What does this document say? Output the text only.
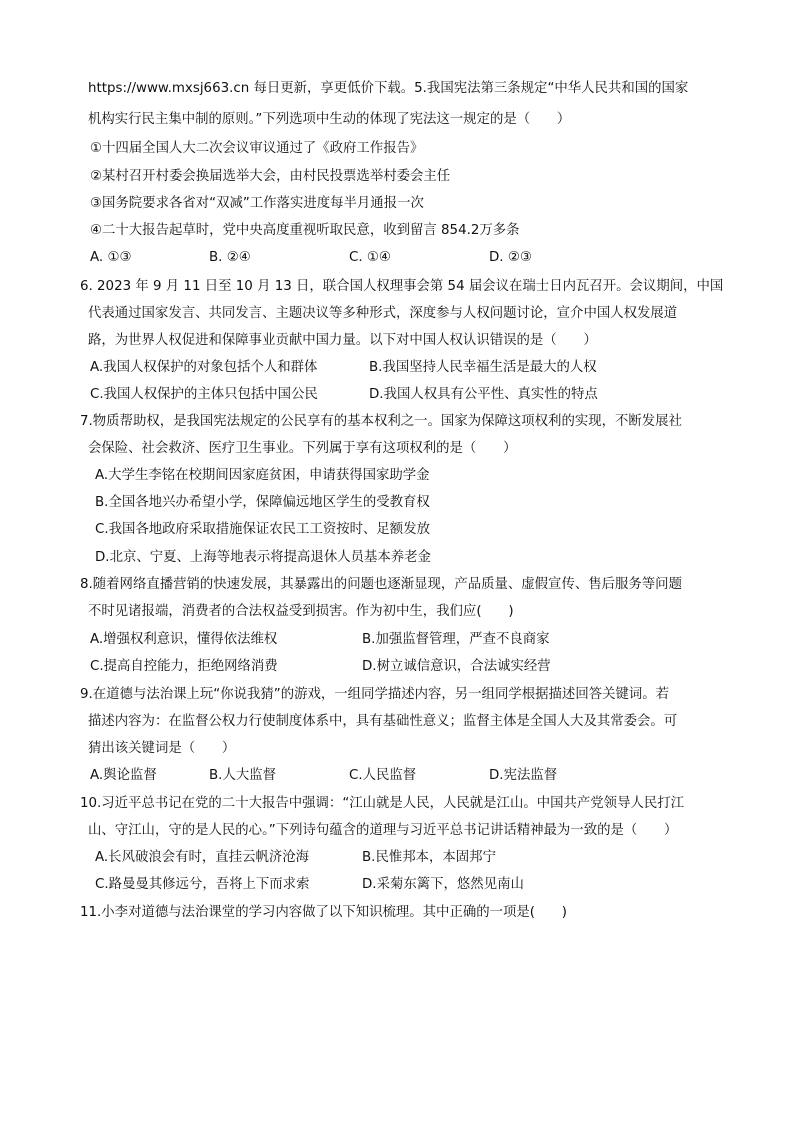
https://www.mxsj663.cn 每日更新，享更低价下载。5.我国宪法第三条规定“中华人民共和国的国家
机构实行民主集中制的原则。”下列选项中生动的体现了宪法这一规定的是（　　）
①十四届全国人大二次会议审议通过了《政府工作报告》
②某村召开村委会换届选举大会，由村民投票选举村委会主任
③国务院要求各省对“双减”工作落实进度每半月通报一次
④二十大报告起草时，党中央高度重视听取民意，收到留言 854.2万多条
A. ①③	B. ②④	C. ①④	D. ②③
6. 2023 年 9 月 11 日至 10 月 13 日，联合国人权理事会第 54 届会议在瑞士日内瓦召开。会议期间，中国
代表通过国家发言、共同发言、主题决议等多种形式，深度参与人权问题讨论，宣介中国人权发展道
路，为世界人权促进和保障事业贡献中国力量。以下对中国人权认识错误的是（　　）
A.我国人权保护的对象包括个人和群体	B.我国坚持人民幸福生活是最大的人权
C.我国人权保护的主体只包括中国公民	D.我国人权具有公平性、真实性的特点
7.物质帮助权，是我国宪法规定的公民享有的基本权利之一。国家为保障这项权利的实现，不断发展社
会保险、社会救济、医疗卫生事业。下列属于享有这项权利的是（　　）
A.大学生李铭在校期间因家庭贫困，申请获得国家助学金
B.全国各地兴办希望小学，保障偏远地区学生的受教育权
C.我国各地政府采取措施保证农民工工资按时、足额发放
D.北京、宁夏、上海等地表示将提高退休人员基本养老金
8.随着网络直播营销的快速发展，其暴露出的问题也逐渐显现，产品质量、虚假宣传、售后服务等问题
不时见诸报端，消费者的合法权益受到损害。作为初中生，我们应(　　)
A.增强权利意识，懂得依法维权	B.加强监督管理，严查不良商家
C.提高自控能力，拒绝网络消费	D.树立诚信意识，合法诚实经营
9.在道德与法治课上玩“你说我猜”的游戏，一组同学描述内容，另一组同学根据描述回答关键词。若
描述内容为：在监督公权力行使制度体系中，具有基础性意义；监督主体是全国人大及其常委会。可
猜出该关键词是（　　）
A.舆论监督	B.人大监督	C.人民监督	D.宪法监督
10.习近平总书记在党的二十大报告中强调：“江山就是人民，人民就是江山。中国共产党领导人民打江
山、守江山，守的是人民的心。”下列诗句蕴含的道理与习近平总书记讲话精神最为一致的是（　　）
A.长风破浪会有时，直挂云帆济沧海	B.民惟邦本，本固邦宁
C.路曼曼其修远兮，吾将上下而求索	D.采菊东篱下，悠然见南山
11.小李对道德与法治课堂的学习内容做了以下知识梳理。其中正确的一项是(　　)
